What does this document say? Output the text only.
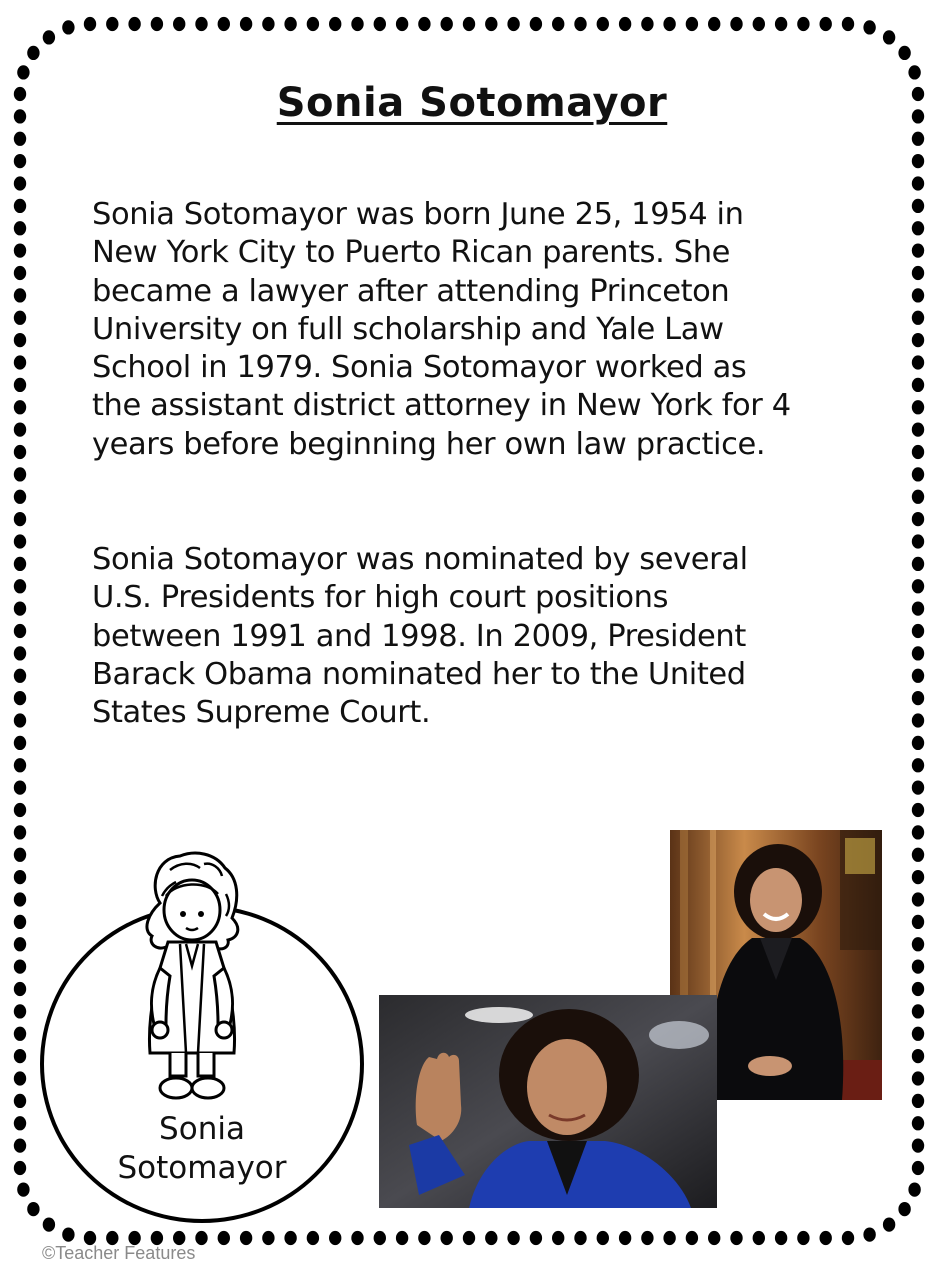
Sonia Sotomayor

Sonia Sotomayor was born June 25, 1954 in New York City to Puerto Rican parents. She became a lawyer after attending Princeton University on full scholarship and Yale Law School in 1979. Sonia Sotomayor worked as the assistant district attorney in New York for 4 years before beginning her own law practice.

Sonia Sotomayor was nominated by several U.S. Presidents for high court positions between 1991 and 1998. In 2009, President Barack Obama nominated her to the United States Supreme Court.

Sonia
Sotomayor
©Teacher Features
